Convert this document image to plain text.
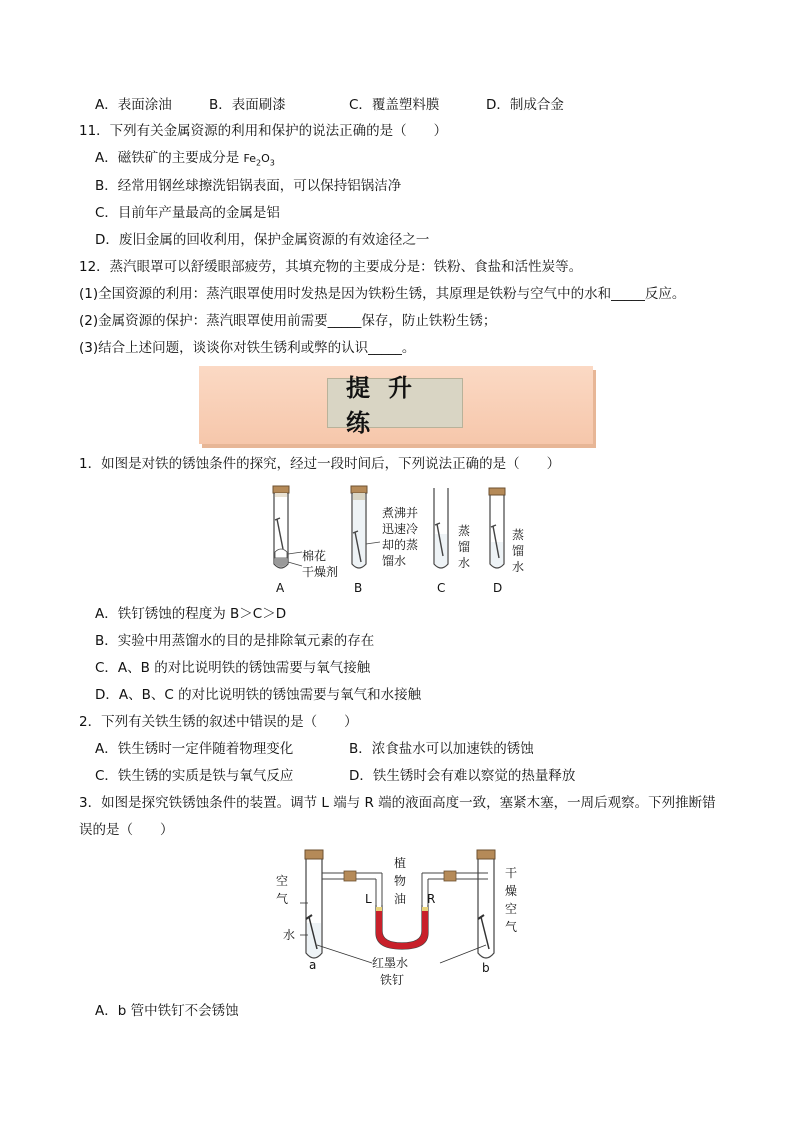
A．表面涂油	B．表面刷漆	C．覆盖塑料膜	D．制成合金
11．下列有关金属资源的利用和保护的说法正确的是（　　）
A．磁铁矿的主要成分是 $Fe_2O_3$
B．经常用钢丝球擦洗铝锅表面，可以保持铝锅洁净
C．目前年产量最高的金属是铝
D．废旧金属的回收利用，保护金属资源的有效途径之一
12．蒸汽眼罩可以舒缓眼部疲劳，其填充物的主要成分是：铁粉、食盐和活性炭等。
(1)全国资源的利用：蒸汽眼罩使用时发热是因为铁粉生锈，其原理是铁粉与空气中的水和_____反应。
(2)金属资源的保护：蒸汽眼罩使用前需要_____保存，防止铁粉生锈；
(3)结合上述问题，谈谈你对铁生锈利或弊的认识_____。
提升练
1．如图是对铁的锈蚀条件的探究，经过一段时间后，下列说法正确的是（　　）
棉花
干燥剂
煮沸并
迅速冷
却的蒸
馏水
蒸
馏
水
蒸
馏
水
A	B	C	D
A．铁钉锈蚀的程度为 B＞C＞D
B．实验中用蒸馏水的目的是排除氧元素的存在
C．A、B 的对比说明铁的锈蚀需要与氧气接触
D．A、B、C 的对比说明铁的锈蚀需要与氧气和水接触
2．下列有关铁生锈的叙述中错误的是（　　）
A．铁生锈时一定伴随着物理变化	B．浓食盐水可以加速铁的锈蚀
C．铁生锈的实质是铁与氧气反应	D．铁生锈时会有难以察觉的热量释放
3．如图是探究铁锈蚀条件的装置。调节 L 端与 R 端的液面高度一致，塞紧木塞，一周后观察。下列推断错
误的是（　　）
空
气
水
a
植
物
油
L	R
红墨水
铁钉
干
燥
空
气
b
A．b 管中铁钉不会锈蚀
